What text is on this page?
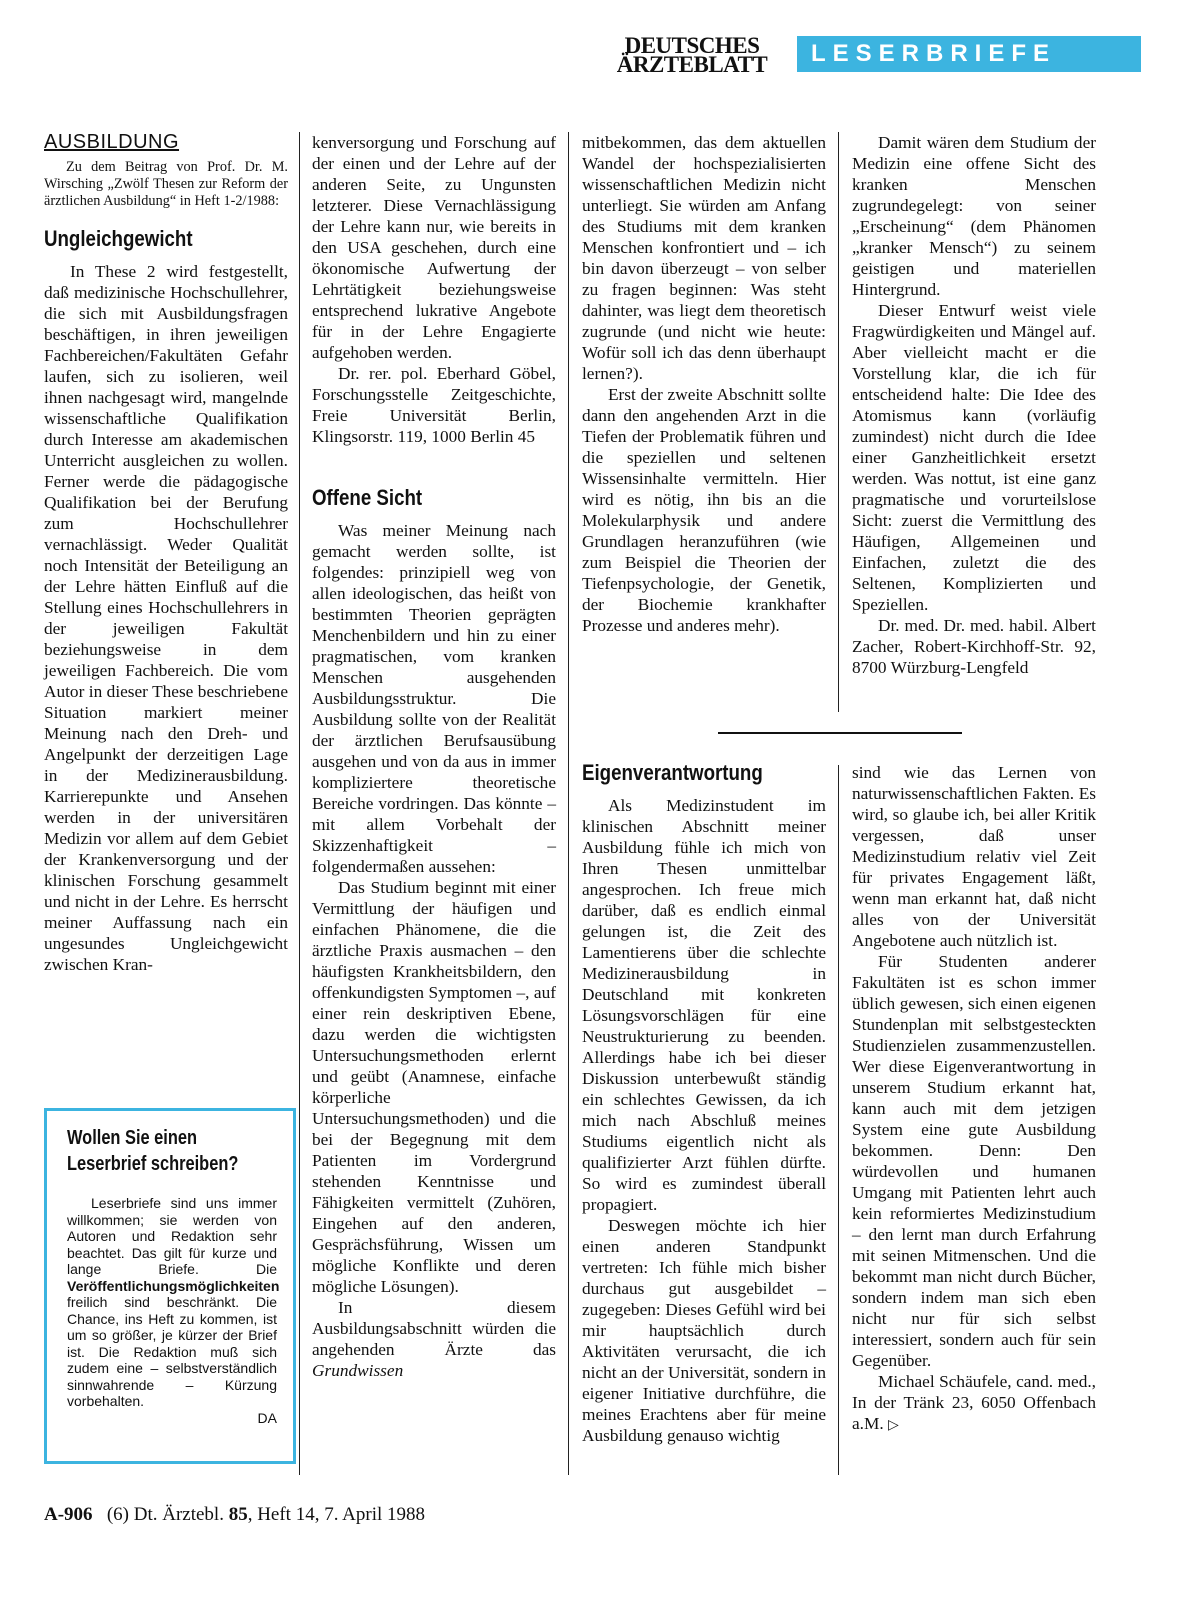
DEUTSCHES
ÄRZTEBLATT	LESERBRIEFE
AUSBILDUNG

Zu dem Beitrag von Prof. Dr. M. Wirsching „Zwölf Thesen zur Reform der ärztlichen Ausbildung“ in Heft 1-2/1988:

Ungleichgewicht

In These 2 wird festgestellt, daß medizinische Hochschullehrer, die sich mit Ausbildungsfragen beschäftigen, in ihren jeweiligen Fachbereichen/Fakultäten Gefahr laufen, sich zu isolieren, weil ihnen nachgesagt wird, mangelnde wissenschaftliche Qualifikation durch Interesse am akademischen Unterricht ausgleichen zu wollen. Ferner werde die pädagogische Qualifikation bei der Berufung zum Hochschullehrer vernachlässigt. Weder Qualität noch Intensität der Beteiligung an der Lehre hätten Einfluß auf die Stellung eines Hochschullehrers in der jeweiligen Fakultät beziehungsweise in dem jeweiligen Fachbereich. Die vom Autor in dieser These beschriebene Situation markiert meiner Meinung nach den Dreh- und Angelpunkt der derzeitigen Lage in der Medizinerausbildung. Karrierepunkte und Ansehen werden in der universitären Medizin vor allem auf dem Gebiet der Krankenversorgung und der klinischen Forschung gesammelt und nicht in der Lehre. Es herrscht meiner Auffassung nach ein ungesundes Ungleichgewicht zwischen Kran-

Wollen Sie einen
Leserbrief schreiben?

Leserbriefe sind uns immer willkommen; sie werden von Autoren und Redaktion sehr beachtet. Das gilt für kurze und lange Briefe. Die Veröffentlichungsmöglichkeiten freilich sind beschränkt. Die Chance, ins Heft zu kommen, ist um so größer, je kürzer der Brief ist. Die Redaktion muß sich zudem eine – selbstverständlich sinnwahrende – Kürzung vorbehalten.

DA

kenversorgung und Forschung auf der einen und der Lehre auf der anderen Seite, zu Ungunsten letzterer. Diese Vernachlässigung der Lehre kann nur, wie bereits in den USA geschehen, durch eine ökonomische Aufwertung der Lehrtätigkeit beziehungsweise entsprechend lukrative Angebote für in der Lehre Engagierte aufgehoben werden.

Dr. rer. pol. Eberhard Göbel, Forschungsstelle Zeitgeschichte, Freie Universität Berlin, Klingsorstr. 119, 1000 Berlin 45

Offene Sicht

Was meiner Meinung nach gemacht werden sollte, ist folgendes: prinzipiell weg von allen ideologischen, das heißt von bestimmten Theorien geprägten Menchenbildern und hin zu einer pragmatischen, vom kranken Menschen ausgehenden Ausbildungsstruktur. Die Ausbildung sollte von der Realität der ärztlichen Berufsausübung ausgehen und von da aus in immer kompliziertere theoretische Bereiche vordringen. Das könnte – mit allem Vorbehalt der Skizzenhaftigkeit – folgendermaßen aussehen:

Das Studium beginnt mit einer Vermittlung der häufigen und einfachen Phänomene, die die ärztliche Praxis ausmachen – den häufigsten Krankheitsbildern, den offenkundigsten Symptomen –, auf einer rein deskriptiven Ebene, dazu werden die wichtigsten Untersuchungsmethoden erlernt und geübt (Anamnese, einfache körperliche Untersuchungsmethoden) und die bei der Begegnung mit dem Patienten im Vordergrund stehenden Kenntnisse und Fähigkeiten vermittelt (Zuhören, Eingehen auf den anderen, Gesprächsführung, Wissen um mögliche Konflikte und deren mögliche Lösungen).

In diesem Ausbildungsabschnitt würden die angehenden Ärzte das Grundwissen

mitbekommen, das dem aktuellen Wandel der hochspezialisierten wissenschaftlichen Medizin nicht unterliegt. Sie würden am Anfang des Studiums mit dem kranken Menschen konfrontiert und – ich bin davon überzeugt – von selber zu fragen beginnen: Was steht dahinter, was liegt dem theoretisch zugrunde (und nicht wie heute: Wofür soll ich das denn überhaupt lernen?).

Erst der zweite Abschnitt sollte dann den angehenden Arzt in die Tiefen der Problematik führen und die speziellen und seltenen Wissensinhalte vermitteln. Hier wird es nötig, ihn bis an die Molekularphysik und andere Grundlagen heranzuführen (wie zum Beispiel die Theorien der Tiefenpsychologie, der Genetik, der Biochemie krankhafter Prozesse und anderes mehr).

Damit wären dem Studium der Medizin eine offene Sicht des kranken Menschen zugrundegelegt: von seiner „Erscheinung“ (dem Phänomen „kranker Mensch“) zu seinem geistigen und materiellen Hintergrund.

Dieser Entwurf weist viele Fragwürdigkeiten und Mängel auf. Aber vielleicht macht er die Vorstellung klar, die ich für entscheidend halte: Die Idee des Atomismus kann (vorläufig zumindest) nicht durch die Idee einer Ganzheitlichkeit ersetzt werden. Was nottut, ist eine ganz pragmatische und vorurteilslose Sicht: zuerst die Vermittlung des Häufigen, Allgemeinen und Einfachen, zuletzt die des Seltenen, Komplizierten und Speziellen.

Dr. med. Dr. med. habil. Albert Zacher, Robert-Kirchhoff-Str. 92, 8700 Würzburg-Lengfeld

Eigenverantwortung

Als Medizinstudent im klinischen Abschnitt meiner Ausbildung fühle ich mich von Ihren Thesen unmittelbar angesprochen. Ich freue mich darüber, daß es endlich einmal gelungen ist, die Zeit des Lamentierens über die schlechte Medizinerausbildung in Deutschland mit konkreten Lösungsvorschlägen für eine Neustrukturierung zu beenden. Allerdings habe ich bei dieser Diskussion unterbewußt ständig ein schlechtes Gewissen, da ich mich nach Abschluß meines Studiums eigentlich nicht als qualifizierter Arzt fühlen dürfte. So wird es zumindest überall propagiert.

Deswegen möchte ich hier einen anderen Standpunkt vertreten: Ich fühle mich bisher durchaus gut ausgebildet – zugegeben: Dieses Gefühl wird bei mir hauptsächlich durch Aktivitäten verursacht, die ich nicht an der Universität, sondern in eigener Initiative durchführe, die meines Erachtens aber für meine Ausbildung genauso wichtig

sind wie das Lernen von naturwissenschaftlichen Fakten. Es wird, so glaube ich, bei aller Kritik vergessen, daß unser Medizinstudium relativ viel Zeit für privates Engagement läßt, wenn man erkannt hat, daß nicht alles von der Universität Angebotene auch nützlich ist.

Für Studenten anderer Fakultäten ist es schon immer üblich gewesen, sich einen eigenen Stundenplan mit selbstgesteckten Studienzielen zusammenzustellen. Wer diese Eigenverantwortung in unserem Studium erkannt hat, kann auch mit dem jetzigen System eine gute Ausbildung bekommen. Denn: Den würdevollen und humanen Umgang mit Patienten lehrt auch kein reformiertes Medizinstudium – den lernt man durch Erfahrung mit seinen Mitmenschen. Und die bekommt man nicht durch Bücher, sondern indem man sich eben nicht nur für sich selbst interessiert, sondern auch für sein Gegenüber.

Michael Schäufele, cand. med., In der Tränk 23, 6050 Offenbach a.M. ▷

A-906 (6) Dt. Ärztebl. 85, Heft 14, 7. April 1988
